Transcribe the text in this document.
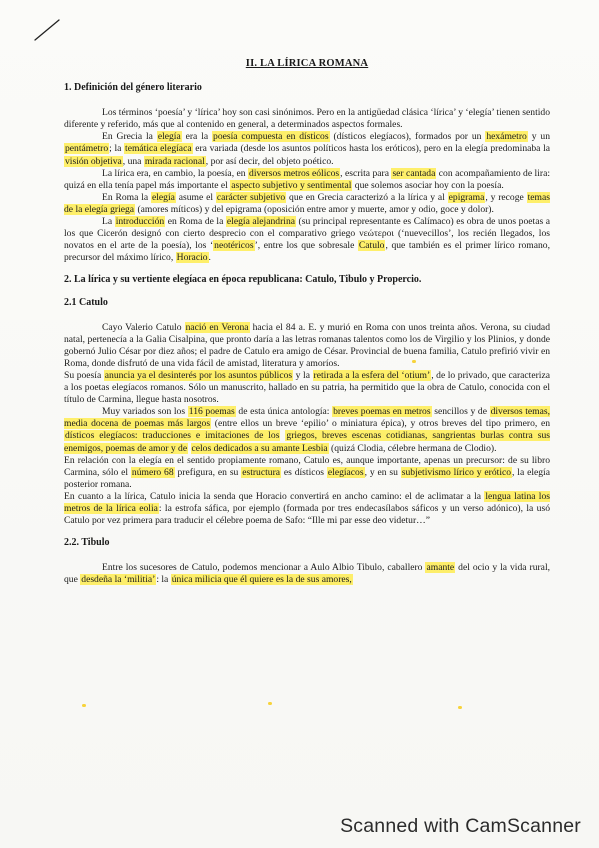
II. LA LÍRICA ROMANA
1. Definición del género literario

Los términos ‘poesía’ y ‘lírica’ hoy son casi sinónimos. Pero en la antigüedad clásica ‘lírica’ y ‘elegía’ tienen sentido diferente y referido, más que al contenido en general, a determinados aspectos formales.

En Grecia la elegía era la poesía compuesta en dísticos (dísticos elegíacos), formados por un hexámetro y un pentámetro; la temática elegíaca era variada (desde los asuntos políticos hasta los eróticos), pero en la elegía predominaba la visión objetiva, una mirada racional, por así decir, del objeto poético.

La lírica era, en cambio, la poesía, en diversos metros eólicos, escrita para ser cantada con acompañamiento de lira: quizá en ella tenía papel más importante el aspecto subjetivo y sentimental que solemos asociar hoy con la poesía.

En Roma la elegía asume el carácter subjetivo que en Grecia caracterizó a la lírica y al epigrama, y recoge temas de la elegía griega (amores míticos) y del epigrama (oposición entre amor y muerte, amor y odio, goce y dolor).

La introducción en Roma de la elegía alejandrina (su principal representante es Calímaco) es obra de unos poetas a los que Cicerón designó con cierto desprecio con el comparativo griego νεώτεροι (‘nuevecillos’, los recién llegados, los novatos en el arte de la poesía), los ‘neotéricos’, entre los que sobresale Catulo, que también es el primer lírico romano, precursor del máximo lírico, Horacio.

2. La lírica y su vertiente elegíaca en época republicana: Catulo, Tibulo y Propercio.
2.1 Catulo

Cayo Valerio Catulo nació en Verona hacia el 84 a. E. y murió en Roma con unos treinta años. Verona, su ciudad natal, pertenecía a la Galia Cisalpina, que pronto daría a las letras romanas talentos como los de Virgilio y los Plinios, y donde gobernó Julio César por diez años; el padre de Catulo era amigo de César. Provincial de buena familia, Catulo prefirió vivir en Roma, donde disfrutó de una vida fácil de amistad, literatura y amoríos.

Su poesía anuncia ya el desinterés por los asuntos públicos y la retirada a la esfera del ‘otium’, de lo privado, que caracteriza a los poetas elegíacos romanos. Sólo un manuscrito, hallado en su patria, ha permitido que la obra de Catulo, conocida con el título de Carmina, llegue hasta nosotros.

Muy variados son los 116 poemas de esta única antología: breves poemas en metros sencillos y de diversos temas, media docena de poemas más largos (entre ellos un breve ‘epilio’ o miniatura épica), y otros breves del tipo primero, en dísticos elegíacos: traducciones e imitaciones de los griegos, breves escenas cotidianas, sangrientas burlas contra sus enemigos, poemas de amor y de celos dedicados a su amante Lesbia (quizá Clodia, célebre hermana de Clodio).

En relación con la elegía en el sentido propiamente romano, Catulo es, aunque importante, apenas un precursor: de su libro Carmina, sólo el número 68 prefigura, en su estructura es dísticos elegíacos, y en su subjetivismo lírico y erótico, la elegía posterior romana.

En cuanto a la lírica, Catulo inicia la senda que Horacio convertirá en ancho camino: el de aclimatar a la lengua latina los metros de la lírica eolia: la estrofa sáfica, por ejemplo (formada por tres endecasílabos sáficos y un verso adónico), la usó Catulo por vez primera para traducir el célebre poema de Safo: “Ille mi par esse deo videtur…”

2.2. Tibulo

Entre los sucesores de Catulo, podemos mencionar a Aulo Albio Tibulo, caballero amante del ocio y la vida rural, que desdeña la ‘militia’: la única milicia que él quiere es la de sus amores,

Scanned with CamScanner
